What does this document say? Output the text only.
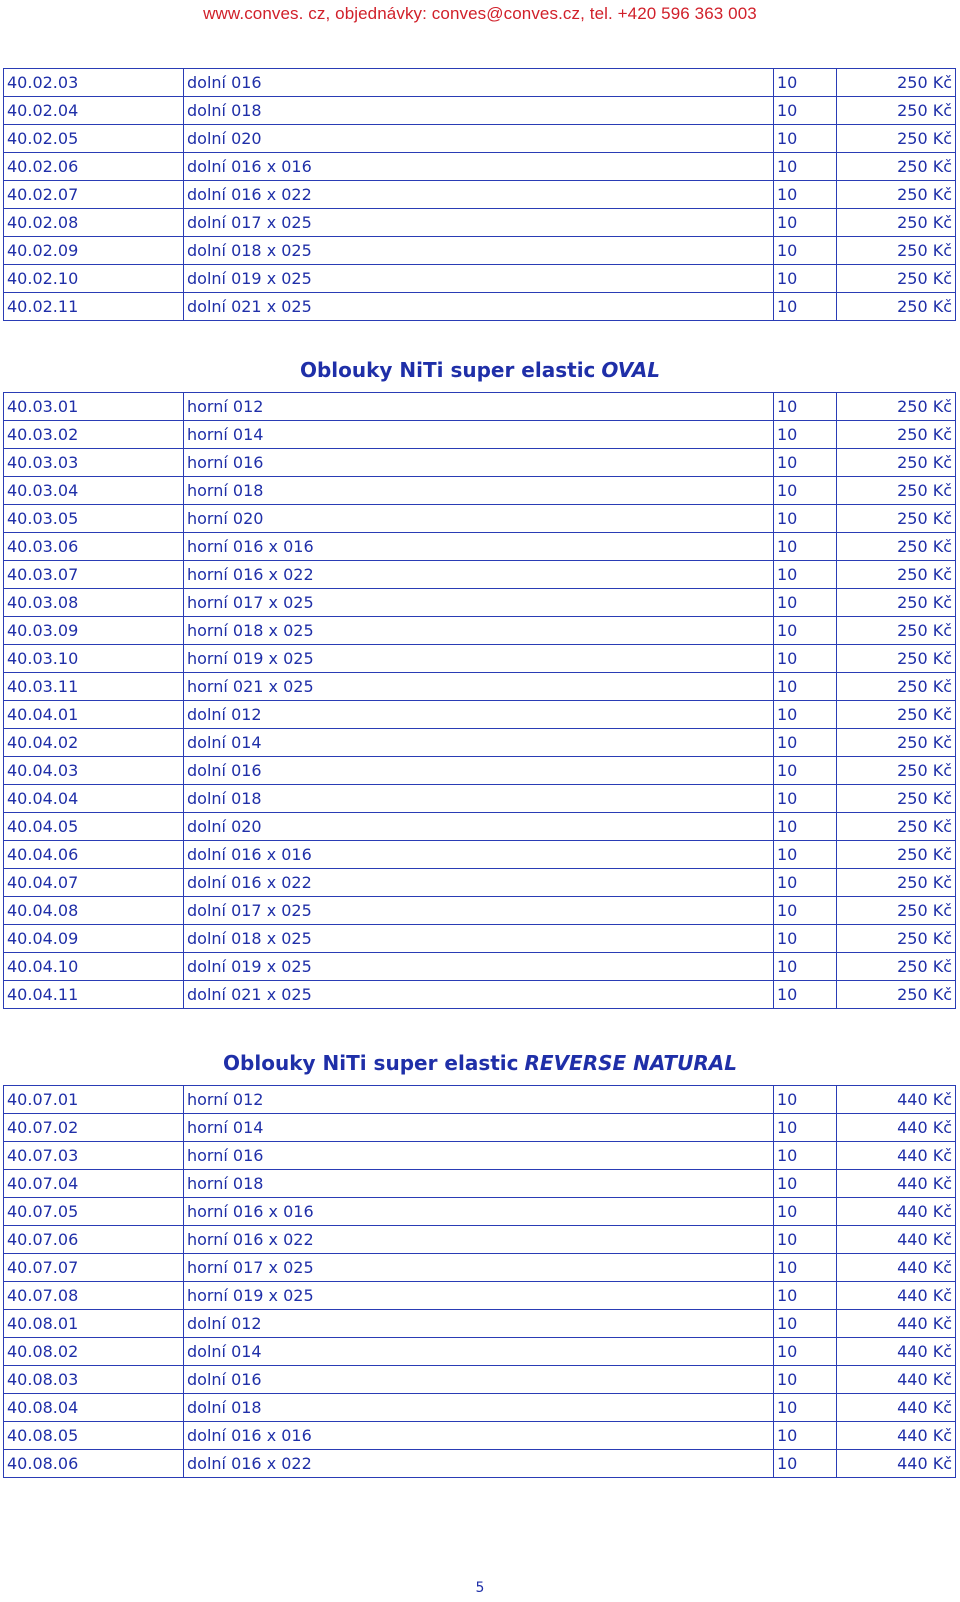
www.conves. cz, objednávky: conves@conves.cz, tel. +420 596 363 003
40.02.03	dolní 016	10	250 Kč
40.02.04	dolní 018	10	250 Kč
40.02.05	dolní 020	10	250 Kč
40.02.06	dolní 016 x 016	10	250 Kč
40.02.07	dolní 016 x 022	10	250 Kč
40.02.08	dolní 017 x 025	10	250 Kč
40.02.09	dolní 018 x 025	10	250 Kč
40.02.10	dolní 019 x 025	10	250 Kč
40.02.11	dolní 021 x 025	10	250 Kč
Oblouky NiTi super elastic OVAL
40.03.01	horní 012	10	250 Kč
40.03.02	horní 014	10	250 Kč
40.03.03	horní 016	10	250 Kč
40.03.04	horní 018	10	250 Kč
40.03.05	horní 020	10	250 Kč
40.03.06	horní 016 x 016	10	250 Kč
40.03.07	horní 016 x 022	10	250 Kč
40.03.08	horní 017 x 025	10	250 Kč
40.03.09	horní 018 x 025	10	250 Kč
40.03.10	horní 019 x 025	10	250 Kč
40.03.11	horní 021 x 025	10	250 Kč
40.04.01	dolní 012	10	250 Kč
40.04.02	dolní 014	10	250 Kč
40.04.03	dolní 016	10	250 Kč
40.04.04	dolní 018	10	250 Kč
40.04.05	dolní 020	10	250 Kč
40.04.06	dolní 016 x 016	10	250 Kč
40.04.07	dolní 016 x 022	10	250 Kč
40.04.08	dolní 017 x 025	10	250 Kč
40.04.09	dolní 018 x 025	10	250 Kč
40.04.10	dolní 019 x 025	10	250 Kč
40.04.11	dolní 021 x 025	10	250 Kč
Oblouky NiTi super elastic REVERSE NATURAL
40.07.01	horní 012	10	440 Kč
40.07.02	horní 014	10	440 Kč
40.07.03	horní 016	10	440 Kč
40.07.04	horní 018	10	440 Kč
40.07.05	horní 016 x 016	10	440 Kč
40.07.06	horní 016 x 022	10	440 Kč
40.07.07	horní 017 x 025	10	440 Kč
40.07.08	horní 019 x 025	10	440 Kč
40.08.01	dolní 012	10	440 Kč
40.08.02	dolní 014	10	440 Kč
40.08.03	dolní 016	10	440 Kč
40.08.04	dolní 018	10	440 Kč
40.08.05	dolní 016 x 016	10	440 Kč
40.08.06	dolní 016 x 022	10	440 Kč
5
